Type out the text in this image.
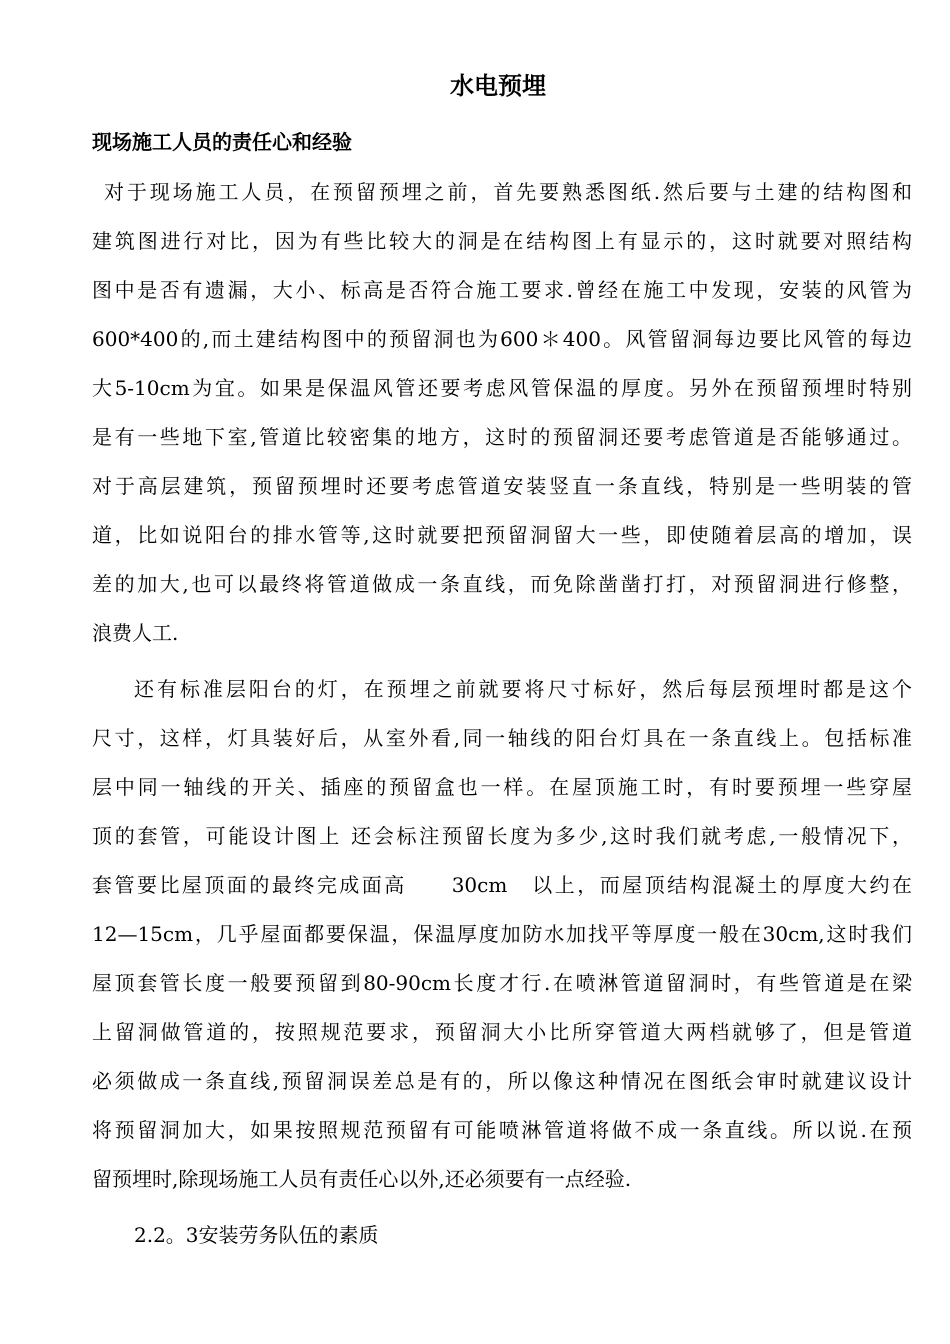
水电预埋
现场施工人员的责任心和经验
对于现场施工人员，在预留预埋之前，首先要熟悉图纸.然后要与土建的结构图和
建筑图进行对比，因为有些比较大的洞是在结构图上有显示的，这时就要对照结构
图中是否有遗漏，大小、标高是否符合施工要求.曾经在施工中发现，安装的风管为
600*400的,而土建结构图中的预留洞也为600＊400。风管留洞每边要比风管的每边
大5-10cm为宜。如果是保温风管还要考虑风管保温的厚度。另外在预留预埋时特别
是有一些地下室,管道比较密集的地方，这时的预留洞还要考虑管道是否能够通过。
对于高层建筑，预留预埋时还要考虑管道安装竖直一条直线，特别是一些明装的管
道，比如说阳台的排水管等,这时就要把预留洞留大一些，即使随着层高的增加，误
差的加大,也可以最终将管道做成一条直线，而免除凿凿打打，对预留洞进行修整，
浪费人工.
还有标准层阳台的灯，在预埋之前就要将尺寸标好，然后每层预埋时都是这个
尺寸，这样，灯具装好后，从室外看,同一轴线的阳台灯具在一条直线上。包括标准
层中同一轴线的开关、插座的预留盒也一样。在屋顶施工时，有时要预埋一些穿屋
顶的套管，可能设计图上 还会标注预留长度为多少,这时我们就考虑,一般情况下，
套管要比屋顶面的最终完成面高　　30cm　以上，而屋顶结构混凝土的厚度大约在
12—15cm，几乎屋面都要保温，保温厚度加防水加找平等厚度一般在30cm,这时我们
屋顶套管长度一般要预留到80-90cm长度才行.在喷淋管道留洞时，有些管道是在梁
上留洞做管道的，按照规范要求，预留洞大小比所穿管道大两档就够了，但是管道
必须做成一条直线,预留洞误差总是有的，所以像这种情况在图纸会审时就建议设计
将预留洞加大，如果按照规范预留有可能喷淋管道将做不成一条直线。所以说.在预
留预埋时,除现场施工人员有责任心以外,还必须要有一点经验.
2.2。3安装劳务队伍的素质
